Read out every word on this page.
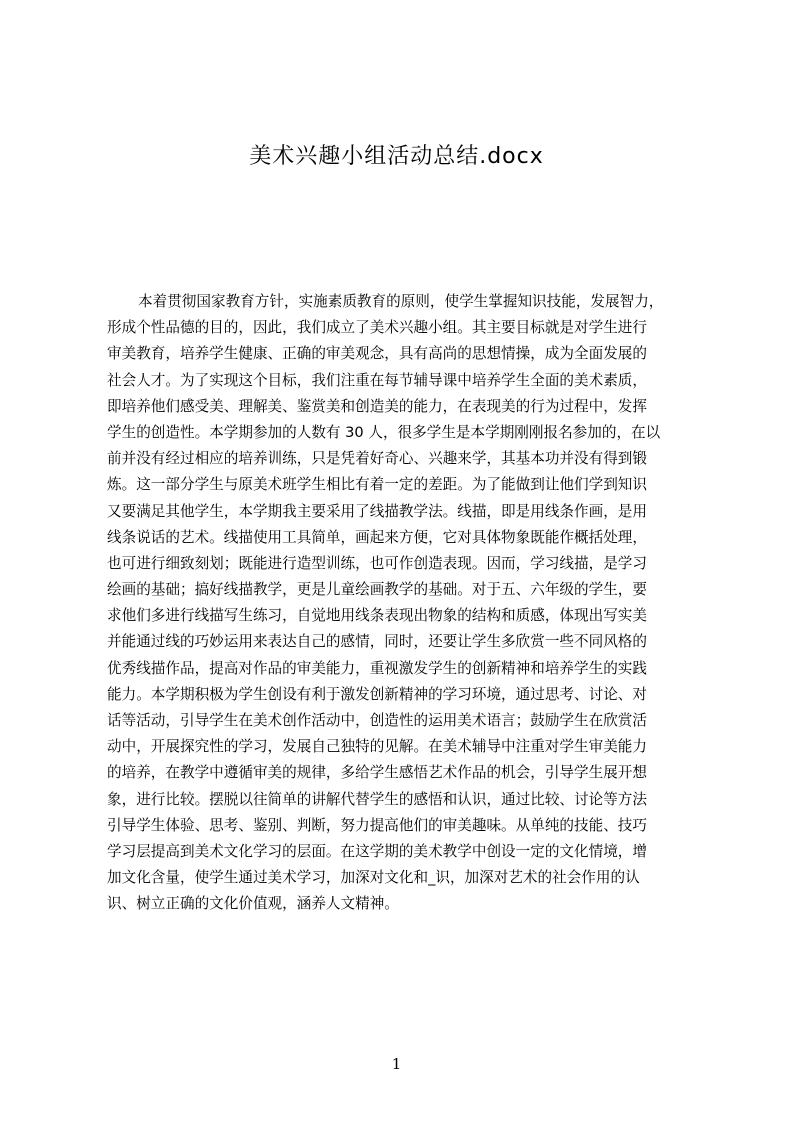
美术兴趣小组活动总结.docx
本着贯彻国家教育方针，实施素质教育的原则，使学生掌握知识技能，发展智力，
形成个性品德的目的，因此，我们成立了美术兴趣小组。其主要目标就是对学生进行
审美教育，培养学生健康、正确的审美观念，具有高尚的思想情操，成为全面发展的
社会人才。为了实现这个目标，我们注重在每节辅导课中培养学生全面的美术素质，
即培养他们感受美、理解美、鉴赏美和创造美的能力，在表现美的行为过程中，发挥
学生的创造性。本学期参加的人数有 30 人，很多学生是本学期刚刚报名参加的，在以
前并没有经过相应的培养训练，只是凭着好奇心、兴趣来学，其基本功并没有得到锻
炼。这一部分学生与原美术班学生相比有着一定的差距。为了能做到让他们学到知识
又要满足其他学生，本学期我主要采用了线描教学法。线描，即是用线条作画，是用
线条说话的艺术。线描使用工具简单，画起来方便，它对具体物象既能作概括处理，
也可进行细致刻划；既能进行造型训练，也可作创造表现。因而，学习线描，是学习
绘画的基础；搞好线描教学，更是儿童绘画教学的基础。对于五、六年级的学生，要
求他们多进行线描写生练习，自觉地用线条表现出物象的结构和质感，体现出写实美
并能通过线的巧妙运用来表达自己的感情，同时，还要让学生多欣赏一些不同风格的
优秀线描作品，提高对作品的审美能力，重视激发学生的创新精神和培养学生的实践
能力。本学期积极为学生创设有利于激发创新精神的学习环境，通过思考、讨论、对
话等活动，引导学生在美术创作活动中，创造性的运用美术语言；鼓励学生在欣赏活
动中，开展探究性的学习，发展自己独特的见解。在美术辅导中注重对学生审美能力
的培养，在教学中遵循审美的规律，多给学生感悟艺术作品的机会，引导学生展开想
象，进行比较。摆脱以往简单的讲解代替学生的感悟和认识，通过比较、讨论等方法
引导学生体验、思考、鉴别、判断，努力提高他们的审美趣味。从单纯的技能、技巧
学习层提高到美术文化学习的层面。在这学期的美术教学中创设一定的文化情境，增
加文化含量，使学生通过美术学习，加深对文化和_识，加深对艺术的社会作用的认
识、树立正确的文化价值观，涵养人文精神。
1
